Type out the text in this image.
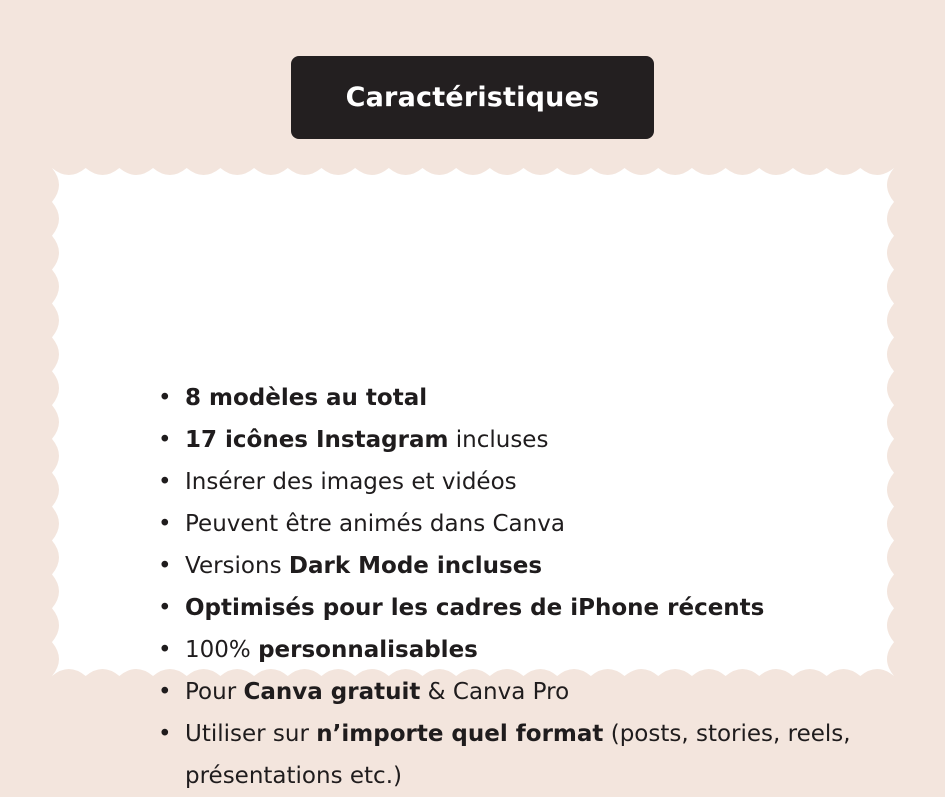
Caractéristiques
• 8 modèles au total
• 17 icônes Instagram incluses
• Insérer des images et vidéos
• Peuvent être animés dans Canva
• Versions Dark Mode incluses
• Optimisés pour les cadres de iPhone récents
• 100% personnalisables
• Pour Canva gratuit & Canva Pro
• Utiliser sur n’importe quel format (posts, stories, reels, présentations etc.)
